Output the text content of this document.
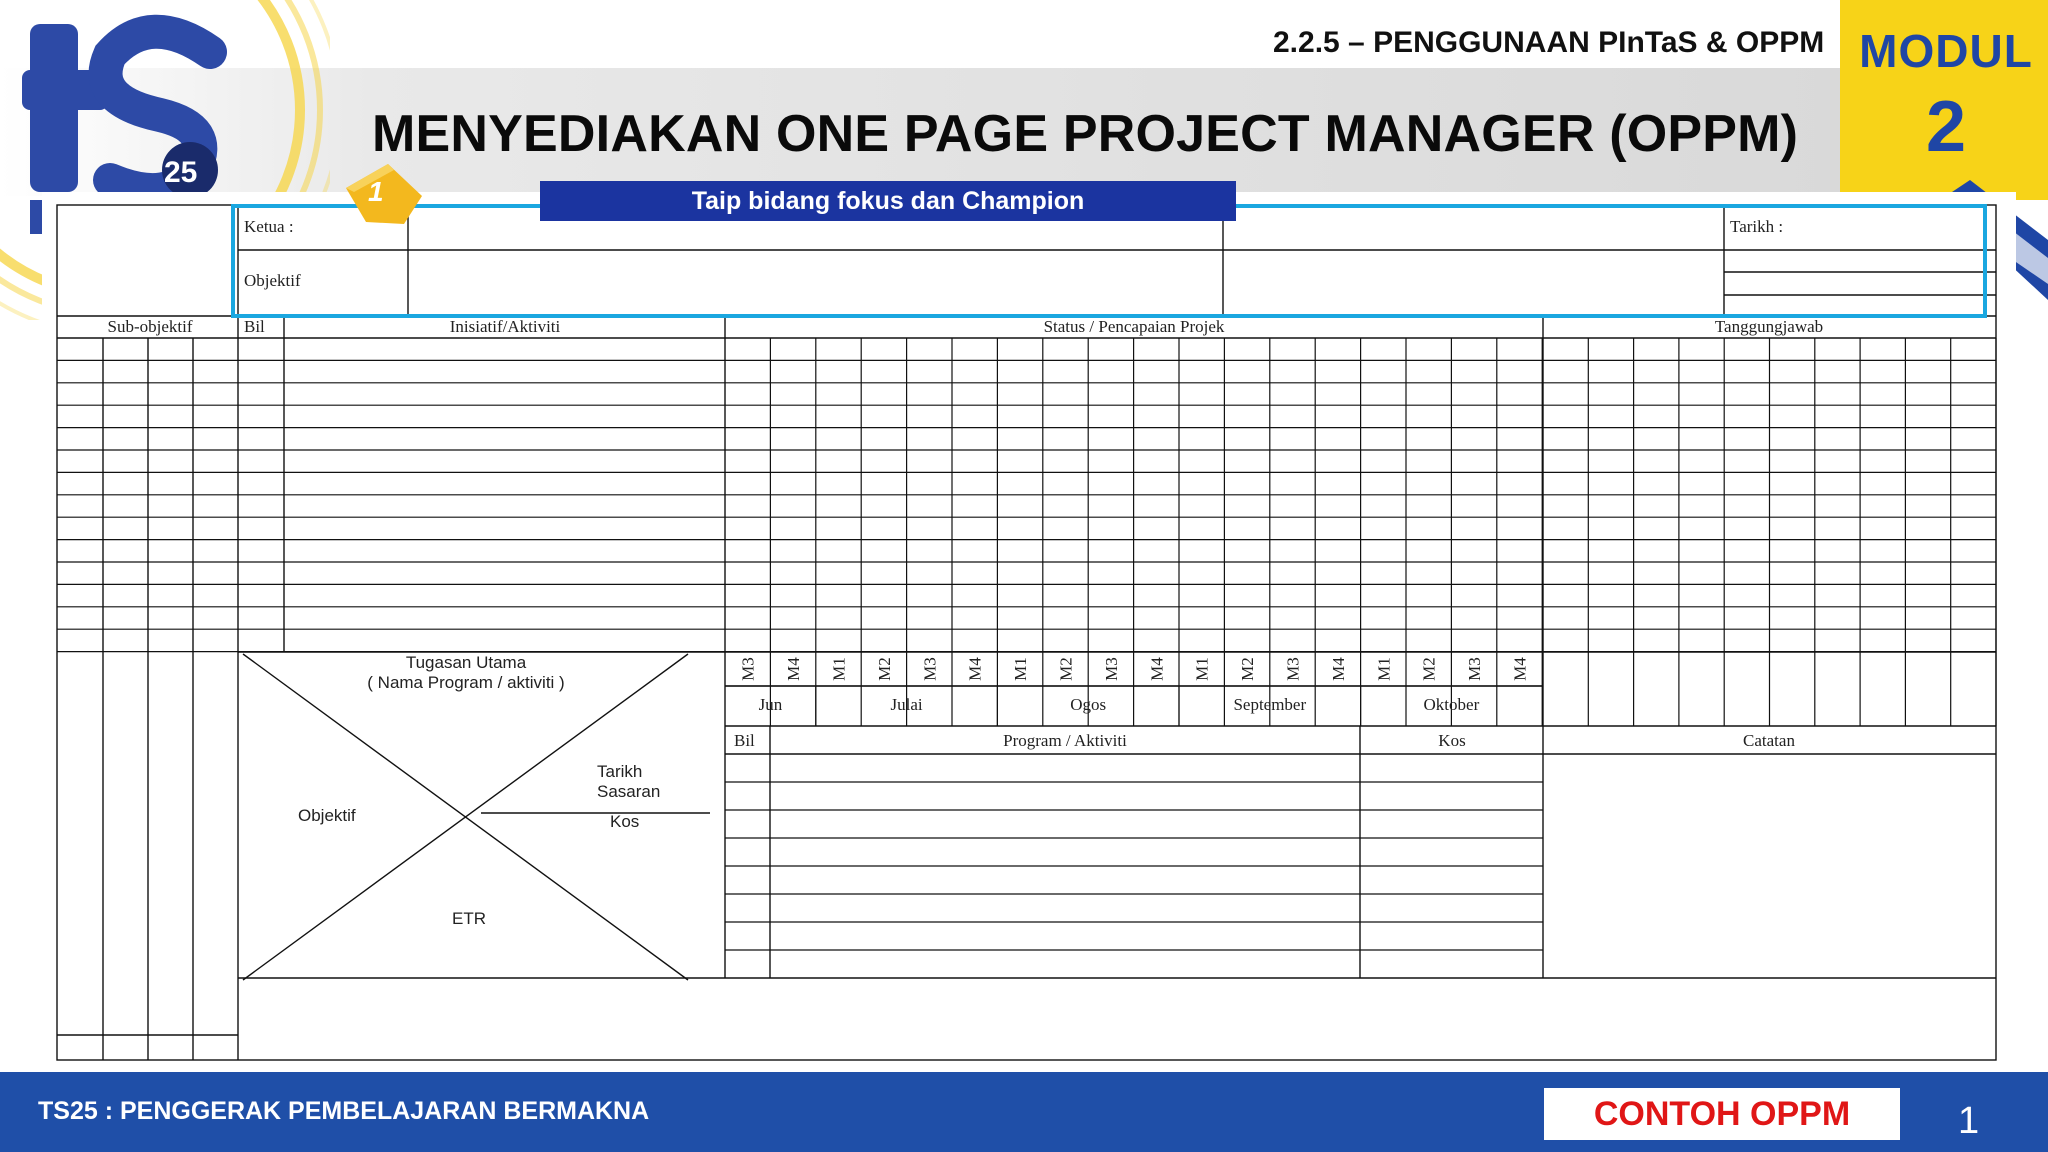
25
2.2.5 – PENGGUNAAN PInTaS & OPPM
MENYEDIAKAN ONE PAGE PROJECT MANAGER (OPPM)
MODUL
2
Ketua :
Objektif
Tarikh :
Sub-objektif	Bil	Inisiatif/Aktiviti	Status / Pencapaian Projek	Tanggungjawab
Tugasan Utama
( Nama Program / aktiviti )
Objektif
Tarikh
Sasaran
Kos
ETR
M3 M4 M1 M2 M3 M4 M1 M2 M3 M4 M1 M2 M3 M4 M1 M2 M3 M4
Jun	Julai	Ogos	September	Oktober
Bil	Program / Aktiviti	Kos	Catatan
1	Taip bidang fokus dan Champion
TS25 : PENGGERAK PEMBELAJARAN BERMAKNA	CONTOH OPPM	1
